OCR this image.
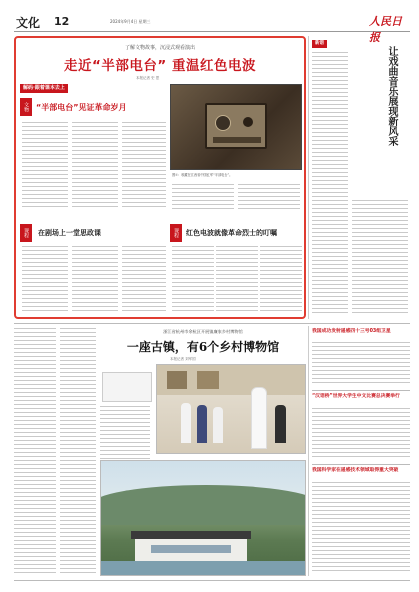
文化 12	2024年9月4日 星期三	人民日报
了解文物故事，沉浸式观看演出
走近“半部电台” 重温红色电波
本报记者 史 思
解码·跟着课本去上
文物 “半部电台”见证革命岁月
图①：收藏在江西省中国红军“半部电台”。
课程	在剧场上一堂思政课	课程	红色电波就像革命烈士的叮嘱
新语
让戏曲音乐展现新风采
浙江省杭州市余杭区开展镇廉家乡村博物馆
一座古镇，有6个乡村博物馆
本报记者 刘军国
我国成功发射遥感四十三号03组卫星
“汉语桥”世界大学生中文比赛总决赛举行
我国科学家在遥感技术领域取得重大突破
